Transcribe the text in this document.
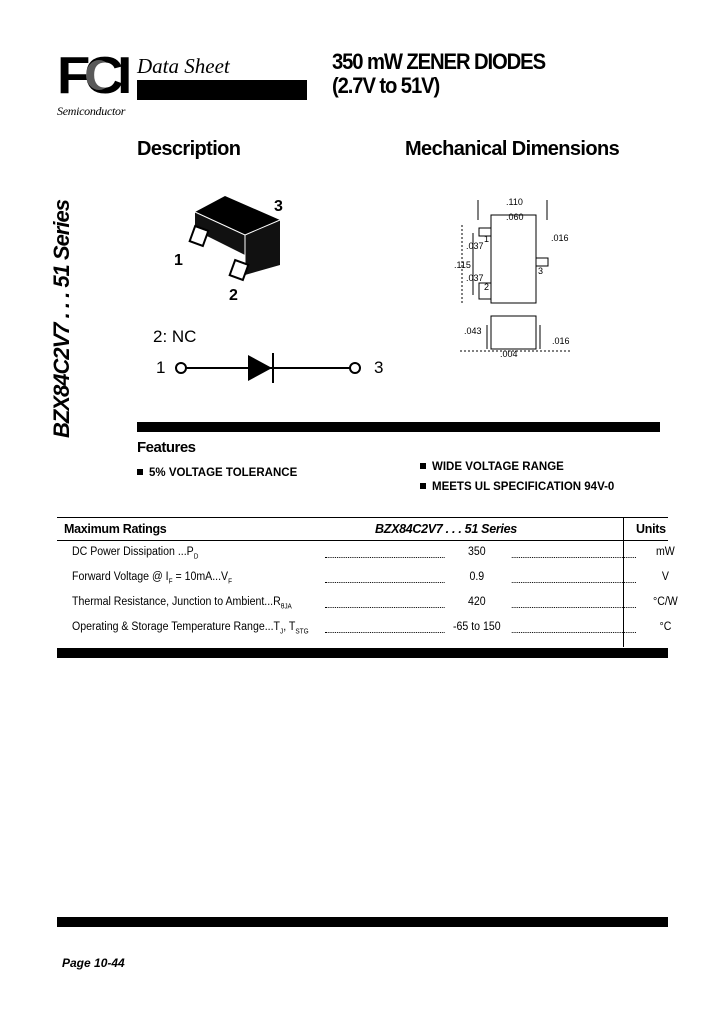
FCI
Semiconductor
Data Sheet	350 mW ZENER DIODES
(2.7V to 51V)
BZX84C2V7 . . . 51 Series
Description
3
1
2
2: NC
1	3
Mechanical Dimensions
.110
.060
.037
.115
.037
.016
.043
.016
.004
1
2
3
Features
5% VOLTAGE TOLERANCE	WIDE VOLTAGE RANGE
MEETS UL SPECIFICATION 94V-0
Maximum Ratings	BZX84C2V7 . . . 51 Series	Units
DC Power Dissipation $...P_D$	350	mW
Forward Voltage @ $I_F = 10mA...V_F$	0.9	V
Thermal Resistance, Junction to $Ambient...R_{\theta JA}$	420	°C/W
Operating & Storage Temperature $Range...T_J$, $T_{STG}$	-65 to 150	°C
Page 10-44
